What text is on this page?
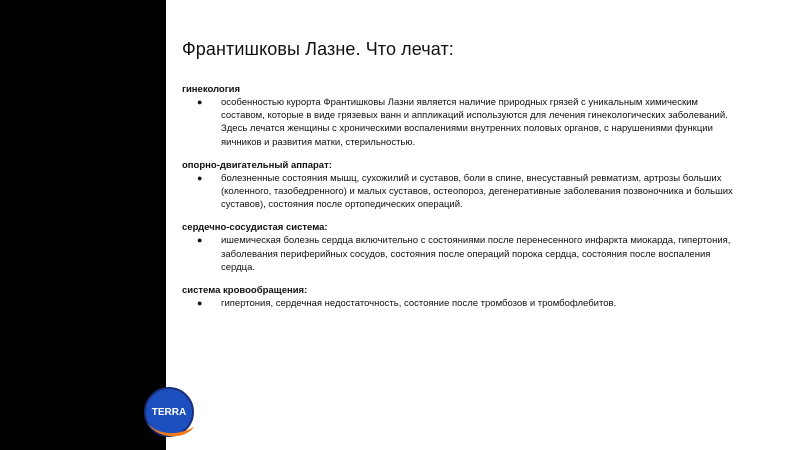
TERRA
Франтишковы Лазне. Что лечат:
гинекология
● особенностью курорта Франтишковы Лазни является наличие природных грязей с уникальным химическим составом, которые в виде грязевых ванн и аппликаций используются для лечения гинекологических заболеваний. Здесь лечатся женщины с хроническими воспалениями внутренних половых органов, с нарушениями функции яичников и развития матки, стерильностью.
опорно-двигательный аппарат:
● болезненные состояния мышц, сухожилий и суставов, боли в спине, внесуставный ревматизм, артрозы больших (коленного, тазобедренного) и малых суставов, остеопороз, дегенеративные заболевания позвоночника и больших суставов), состояния после ортопедических операций.
сердечно-сосудистая система:
● ишемическая болезнь сердца включительно с состояниями после перенесенного инфаркта миокарда, гипертония, заболевания периферийных сосудов, состояния после операций порока сердца, состояния после воспаления сердца.
система кровообращения:
● гипертония, сердечная недостаточность, состояние после тромбозов и тромбофлебитов.
